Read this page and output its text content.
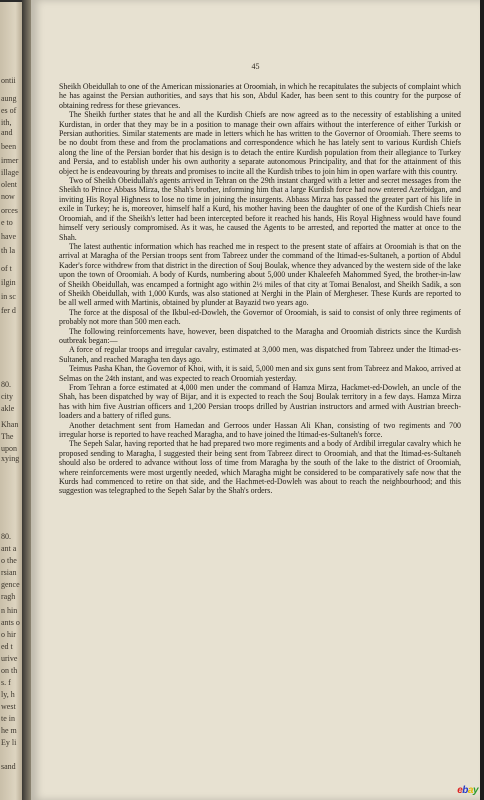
ontii
aung
es of
ith,
and
been
irmer
illage
olent
now
orces
e to
have
th la
of t
ilgin
in sc
fer d
80.
city
akle
Khan
The
upon
xying
80.
ant a
o the
rsian
gence
ragh
n hin
ants o
o hir
ed t
urive
on th
s. f
ly, h
west
te in
he m
Ey li
sand
45

Sheikh Obeidullah to one of the American missionaries at Oroomiah, in which he recapitulates the subjects of complaint which he has against the Persian authorities, and says that his son, Abdul Kader, has been sent to this country for the purpose of obtaining redress for these grievances.

The Sheikh further states that he and all the Kurdish Chiefs are now agreed as to the necessity of establishing a united Kurdistan, in order that they may be in a position to manage their own affairs without the interference of either Turkish or Persian authorities. Similar statements are made in letters which he has written to the Governor of Oroomiah. There seems to be no doubt from these and from the proclamations and correspondence which he has lately sent to various Kurdish Chiefs along the line of the Persian border that his design is to detach the entire Kurdish population from their allegiance to Turkey and Persia, and to establish under his own authority a separate autonomous Principality, and that for the attainment of this object he is endeavouring by threats and promises to incite all the Kurdish tribes to join him in open warfare with this country.

Two of Sheikh Obeidullah's agents arrived in Tehran on the 29th instant charged with a letter and secret messages from the Sheikh to Prince Abbass Mirza, the Shah's brother, informing him that a large Kurdish force had now entered Azerbidgan, and inviting His Royal Highness to lose no time in joining the insurgents. Abbass Mirza has passed the greater part of his life in exile in Turkey; he is, moreover, himself half a Kurd, his mother having been the daughter of one of the Kurdish Chiefs near Oroomiah, and if the Sheikh's letter had been intercepted before it reached his hands, His Royal Highness would have found himself very seriously compromised. As it was, he caused the Agents to be arrested, and reported the matter at once to the Shah.

The latest authentic information which has reached me in respect to the present state of affairs at Oroomiah is that on the arrival at Maragha of the Persian troops sent from Tabreez under the command of the Itimad-es-Sultaneh, a portion of Abdul Kader's force withdrew from that district in the direction of Souj Boulak, whence they advanced by the western side of the lake upon the town of Oroomiah. A body of Kurds, numbering about 5,000 under Khaleefeh Mahommed Syed, the brother-in-law of Sheikh Obeidullah, was encamped a fortnight ago within 2½ miles of that city at Tomai Benalost, and Sheikh Sadik, a son of Sheikh Obeidullah, with 1,000 Kurds, was also stationed at Nerghi in the Plain of Mergheser. These Kurds are reported to be all well armed with Martinis, obtained by plunder at Bayazid two years ago.

The force at the disposal of the Ikbul-ed-Dowleh, the Governor of Oroomiah, is said to consist of only three regiments of probably not more than 500 men each.

The following reinforcements have, however, been dispatched to the Maragha and Oroomiah districts since the Kurdish outbreak began:—

A force of regular troops and irregular cavalry, estimated at 3,000 men, was dispatched from Tabreez under the Itimad-es-Sultaneh, and reached Maragha ten days ago.

Teimus Pasha Khan, the Governor of Khoi, with, it is said, 5,000 men and six guns sent from Tabreez and Makoo, arrived at Selmas on the 24th instant, and was expected to reach Oroomiah yesterday.

From Tehran a force estimated at 4,000 men under the command of Hamza Mirza, Hackmet-ed-Dowleh, an uncle of the Shah, has been dispatched by way of Bijar, and it is expected to reach the Souj Boulak territory in a few days. Hamza Mirza has with him five Austrian officers and 1,200 Persian troops drilled by Austrian instructors and armed with Austrian breech-loaders and a battery of rifled guns.

Another detachment sent from Hamedan and Gerroos under Hassan Ali Khan, consisting of two regiments and 700 irregular horse is reported to have reached Maragha, and to have joined the Itimad-es-Sultaneh's force.

The Sepeh Salar, having reported that he had prepared two more regiments and a body of Ardibil irregular cavalry which he proposed sending to Maragha, I suggested their being sent from Tabreez direct to Oroomiah, and that the Itimad-es-Sultaneh should also be ordered to advance without loss of time from Maragha by the south of the lake to the district of Oroomiah, where reinforcements were most urgently needed, which Maragha might be considered to be comparatively safe now that the Kurds had commenced to retire on that side, and the Hachmet-ed-Dowleh was about to reach the neighbourhood; and this suggestion was telegraphed to the Sepeh Salar by the Shah's orders.

ebay
